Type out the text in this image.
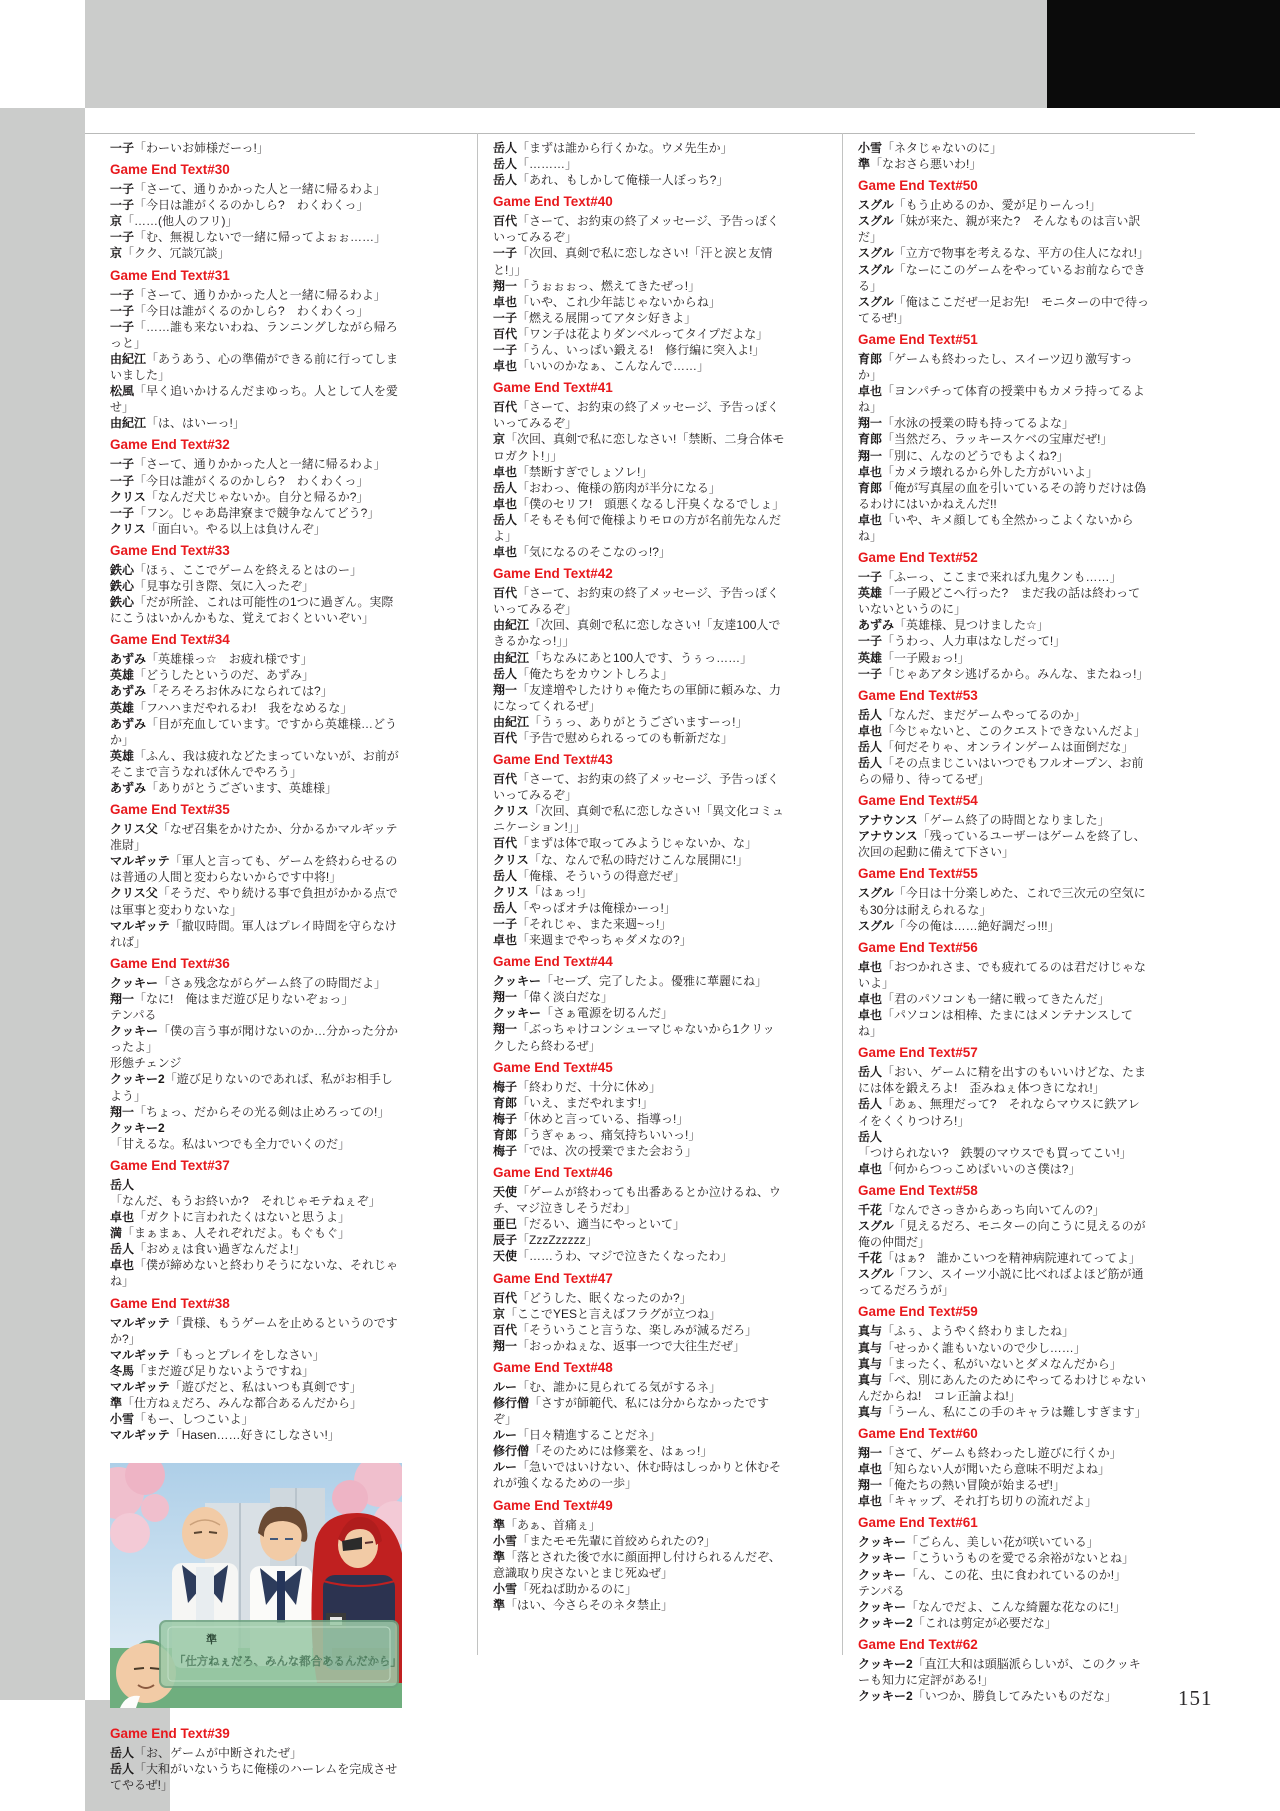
一子「わーいお姉様だーっ!」

Game End Text#30

一子「さーて、通りかかった人と一緒に帰るわよ」

一子「今日は誰がくるのかしら?　わくわくっ」

京「……(他人のフリ)」

一子「む、無視しないで一緒に帰ってよぉぉ……」

京「クク、冗談冗談」

Game End Text#31

一子「さーて、通りかかった人と一緒に帰るわよ」

一子「今日は誰がくるのかしら?　わくわくっ」

一子「……誰も来ないわね、ランニングしながら帰ろっと」

由紀江「あうあう、心の準備ができる前に行ってしまいました」

松風「早く追いかけるんだまゆっち。人として人を愛せ」

由紀江「は、はいーっ!」

Game End Text#32

一子「さーて、通りかかった人と一緒に帰るわよ」

一子「今日は誰がくるのかしら?　わくわくっ」

クリス「なんだ犬じゃないか。自分と帰るか?」

一子「フン。じゃあ島津寮まで競争なんてどう?」

クリス「面白い。やる以上は負けんぞ」

Game End Text#33

鉄心「ほぅ、ここでゲームを終えるとはのー」

鉄心「見事な引き際、気に入ったぞ」

鉄心「だが所詮、これは可能性の1つに過ぎん。実際にこうはいかんかもな、覚えておくといいぞい」

Game End Text#34

あずみ「英雄様っ☆　お疲れ様です」

英雄「どうしたというのだ、あずみ」

あずみ「そろそろお休みになられては?」

英雄「フハハまだやれるわ!　我をなめるな」

あずみ「目が充血しています。ですから英雄様…どうか」

英雄「ふん、我は疲れなどたまっていないが、お前がそこまで言うなれば休んでやろう」

あずみ「ありがとうございます、英雄様」

Game End Text#35

クリス父「なぜ召集をかけたか、分かるかマルギッテ准尉」

マルギッテ「軍人と言っても、ゲームを終わらせるのは普通の人間と変わらないからです中将!」

クリス父「そうだ、やり続ける事で負担がかかる点では軍事と変わりないな」

マルギッテ「撤収時間。軍人はプレイ時間を守らなければ」

Game End Text#36

クッキー「さぁ残念ながらゲーム終了の時間だよ」

翔一「なに!　俺はまだ遊び足りないぞぉっ」

テンパる

クッキー「僕の言う事が聞けないのか…分かった分かったよ」

形態チェンジ

クッキー2「遊び足りないのであれば、私がお相手しよう」

翔一「ちょっ、だからその光る剣は止めろっての!」

クッキー2「甘えるな。私はいつでも全力でいくのだ」

Game End Text#37

岳人「なんだ、もうお終いか?　それじゃモテねぇぞ」

卓也「ガクトに言われたくはないと思うよ」

満「まぁまぁ、人それぞれだよ。もぐもぐ」

岳人「おめぇは食い過ぎなんだよ!」

卓也「僕が締めないと終わりそうにないな、それじゃね」

Game End Text#38

マルギッテ「貴様、もうゲームを止めるというのですか?」

マルギッテ「もっとプレイをしなさい」

冬馬「まだ遊び足りないようですね」

マルギッテ「遊びだと、私はいつも真剣です」

準「仕方ねぇだろ、みんな都合あるんだから」

小雪「もー、しつこいよ」

マルギッテ「Hasen……好きにしなさい!」

準
「仕方ねぇだろ、みんな都合あるんだから」
Game End Text#39

岳人「お、ゲームが中断されたぜ」

岳人「大和がいないうちに俺様のハーレムを完成させてやるぜ!」

岳人「まずは誰から行くかな。ウメ先生か」

岳人「………」

岳人「あれ、もしかして俺様一人ぼっち?」

Game End Text#40

百代「さーて、お約束の終了メッセージ、予告っぽくいってみるぞ」

一子「次回、真剣で私に恋しなさい!「汗と涙と友情と!」」

翔一「うぉぉぉっ、燃えてきたぜっ!」

卓也「いや、これ少年誌じゃないからね」

一子「燃える展開ってアタシ好きよ」

百代「ワン子は花よりダンベルってタイプだよな」

一子「うん、いっぱい鍛える!　修行編に突入よ!」

卓也「いいのかなぁ、こんなんで……」

Game End Text#41

百代「さーて、お約束の終了メッセージ、予告っぽくいってみるぞ」

京「次回、真剣で私に恋しなさい!「禁断、二身合体モロガクト!」」

卓也「禁断すぎでしょソレ!」

岳人「おわっ、俺様の筋肉が半分になる」

卓也「僕のセリフ!　頭悪くなるし汗臭くなるでしょ」

岳人「そもそも何で俺様よりモロの方が名前先なんだよ」

卓也「気になるのそこなのっ!?」

Game End Text#42

百代「さーて、お約束の終了メッセージ、予告っぽくいってみるぞ」

由紀江「次回、真剣で私に恋しなさい!「友達100人できるかなっ!」」

由紀江「ちなみにあと100人です、うぅっ……」

岳人「俺たちをカウントしろよ」

翔一「友達増やしたけりゃ俺たちの軍師に頼みな、力になってくれるぜ」

由紀江「うぅっ、ありがとうございますーっ!」

百代「予告で慰められるってのも斬新だな」

Game End Text#43

百代「さーて、お約束の終了メッセージ、予告っぽくいってみるぞ」

クリス「次回、真剣で私に恋しなさい!「異文化コミュニケーション!」」

百代「まずは体で取ってみようじゃないか、な」

クリス「な、なんで私の時だけこんな展開に!」

岳人「俺様、そういうの得意だぜ」

クリス「はぁっ!」

岳人「やっぱオチは俺様かーっ!」

一子「それじゃ、また来週~っ!」

卓也「来週までやっちゃダメなの?」

Game End Text#44

クッキー「セーブ、完了したよ。優雅に華麗にね」

翔一「偉く淡白だな」

クッキー「さぁ電源を切るんだ」

翔一「ぶっちゃけコンシューマじゃないから1クリックしたら終わるぜ」

Game End Text#45

梅子「終わりだ、十分に休め」

育郎「いえ、まだやれます!」

梅子「休めと言っている、指導っ!」

育郎「うぎゃぁっ、痛気持ちいいっ!」

梅子「では、次の授業でまた会おう」

Game End Text#46

天使「ゲームが終わっても出番あるとか泣けるね、ウチ、マジ泣きしそうだわ」

亜巳「だるい、適当にやっといて」

辰子「ZzzZzzzzz」

天使「……うわ、マジで泣きたくなったわ」

Game End Text#47

百代「どうした、眠くなったのか?」

京「ここでYESと言えばフラグが立つね」

百代「そういうこと言うな、楽しみが減るだろ」

翔一「おっかねぇな、返事一つで大往生だぜ」

Game End Text#48

ルー「む、誰かに見られてる気がするネ」

修行僧「さすが師範代、私には分からなかったですぞ」

ルー「日々精進することだネ」

修行僧「そのためには修業を、はぁっ!」

ルー「急いではいけない、休む時はしっかりと休むそれが強くなるための一歩」

Game End Text#49

準「あぁ、首痛ぇ」

小雪「またモモ先輩に首絞められたの?」

準「落とされた後で水に顔面押し付けられるんだぞ、意識取り戻さないとまじ死ぬぜ」

小雪「死ねば助かるのに」

準「はい、今さらそのネタ禁止」

小雪「ネタじゃないのに」

準「なおさら悪いわ!」

Game End Text#50

スグル「もう止めるのか、愛が足りーんっ!」

スグル「妹が来た、親が来た?　そんなものは言い訳だ」

スグル「立方で物事を考えるな、平方の住人になれ!」

スグル「なーにこのゲームをやっているお前ならできる」

スグル「俺はここだぜ一足お先!　モニターの中で待ってるぜ!」

Game End Text#51

育郎「ゲームも終わったし、スイーツ辺り激写すっか」

卓也「ヨンパチって体育の授業中もカメラ持ってるよね」

翔一「水泳の授業の時も持ってるよな」

育郎「当然だろ、ラッキースケベの宝庫だぜ!」

翔一「別に、んなのどうでもよくね?」

卓也「カメラ壊れるから外した方がいいよ」

育郎「俺が写真屋の血を引いているその誇りだけは偽るわけにはいかねえんだ!!

卓也「いや、キメ顔しても全然かっこよくないからね」

Game End Text#52

一子「ふーっ、ここまで来れば九鬼クンも……」

英雄「一子殿どこへ行った?　まだ我の話は終わっていないというのに」

あずみ「英雄様、見つけました☆」

一子「うわっ、人力車はなしだって!」

英雄「一子殿ぉっ!」

一子「じゃあアタシ逃げるから。みんな、またねっ!」

Game End Text#53

岳人「なんだ、まだゲームやってるのか」

卓也「今じゃないと、このクエストできないんだよ」

岳人「何だそりゃ、オンラインゲームは面倒だな」

岳人「その点まじこいはいつでもフルオープン、お前らの帰り、待ってるぜ」

Game End Text#54

アナウンス「ゲーム終了の時間となりました」

アナウンス「残っているユーザーはゲームを終了し、次回の起動に備えて下さい」

Game End Text#55

スグル「今日は十分楽しめた、これで三次元の空気にも30分は耐えられるな」

スグル「今の俺は……絶好調だっ!!!」

Game End Text#56

卓也「おつかれさま、でも疲れてるのは君だけじゃないよ」

卓也「君のパソコンも一緒に戦ってきたんだ」

卓也「パソコンは相棒、たまにはメンテナンスしてね」

Game End Text#57

岳人「おい、ゲームに精を出すのもいいけどな、たまには体を鍛えろよ!　歪みねぇ体つきになれ!」

岳人「あぁ、無理だって?　それならマウスに鉄アレイをくくりつけろ!」

岳人「つけられない?　鉄製のマウスでも買ってこい!」

卓也「何からつっこめばいいのさ僕は?」

Game End Text#58

千花「なんでさっきからあっち向いてんの?」

スグル「見えるだろ、モニターの向こうに見えるのが俺の仲間だ」

千花「はぁ?　誰かこいつを精神病院連れてってよ」

スグル「フン、スイーツ小説に比べればよほど筋が通ってるだろうが」

Game End Text#59

真与「ふぅ、ようやく終わりましたね」

真与「せっかく誰もいないので少し……」

真与「まったく、私がいないとダメなんだから」

真与「べ、別にあんたのためにやってるわけじゃないんだからね!　コレ正論よね!」

真与「うーん、私にこの手のキャラは難しすぎます」

Game End Text#60

翔一「さて、ゲームも終わったし遊びに行くか」

卓也「知らない人が聞いたら意味不明だよね」

翔一「俺たちの熱い冒険が始まるぜ!」

卓也「キャップ、それ打ち切りの流れだよ」

Game End Text#61

クッキー「ごらん、美しい花が咲いている」

クッキー「こういうものを愛でる余裕がないとね」

クッキー「ん、この花、虫に食われているのか!」

テンパる

クッキー「なんでだよ、こんな綺麗な花なのに!」

クッキー2「これは剪定が必要だな」

Game End Text#62

クッキー2「直江大和は頭脳派らしいが、このクッキーも知力に定評がある!」

クッキー2「いつか、勝負してみたいものだな」	151
